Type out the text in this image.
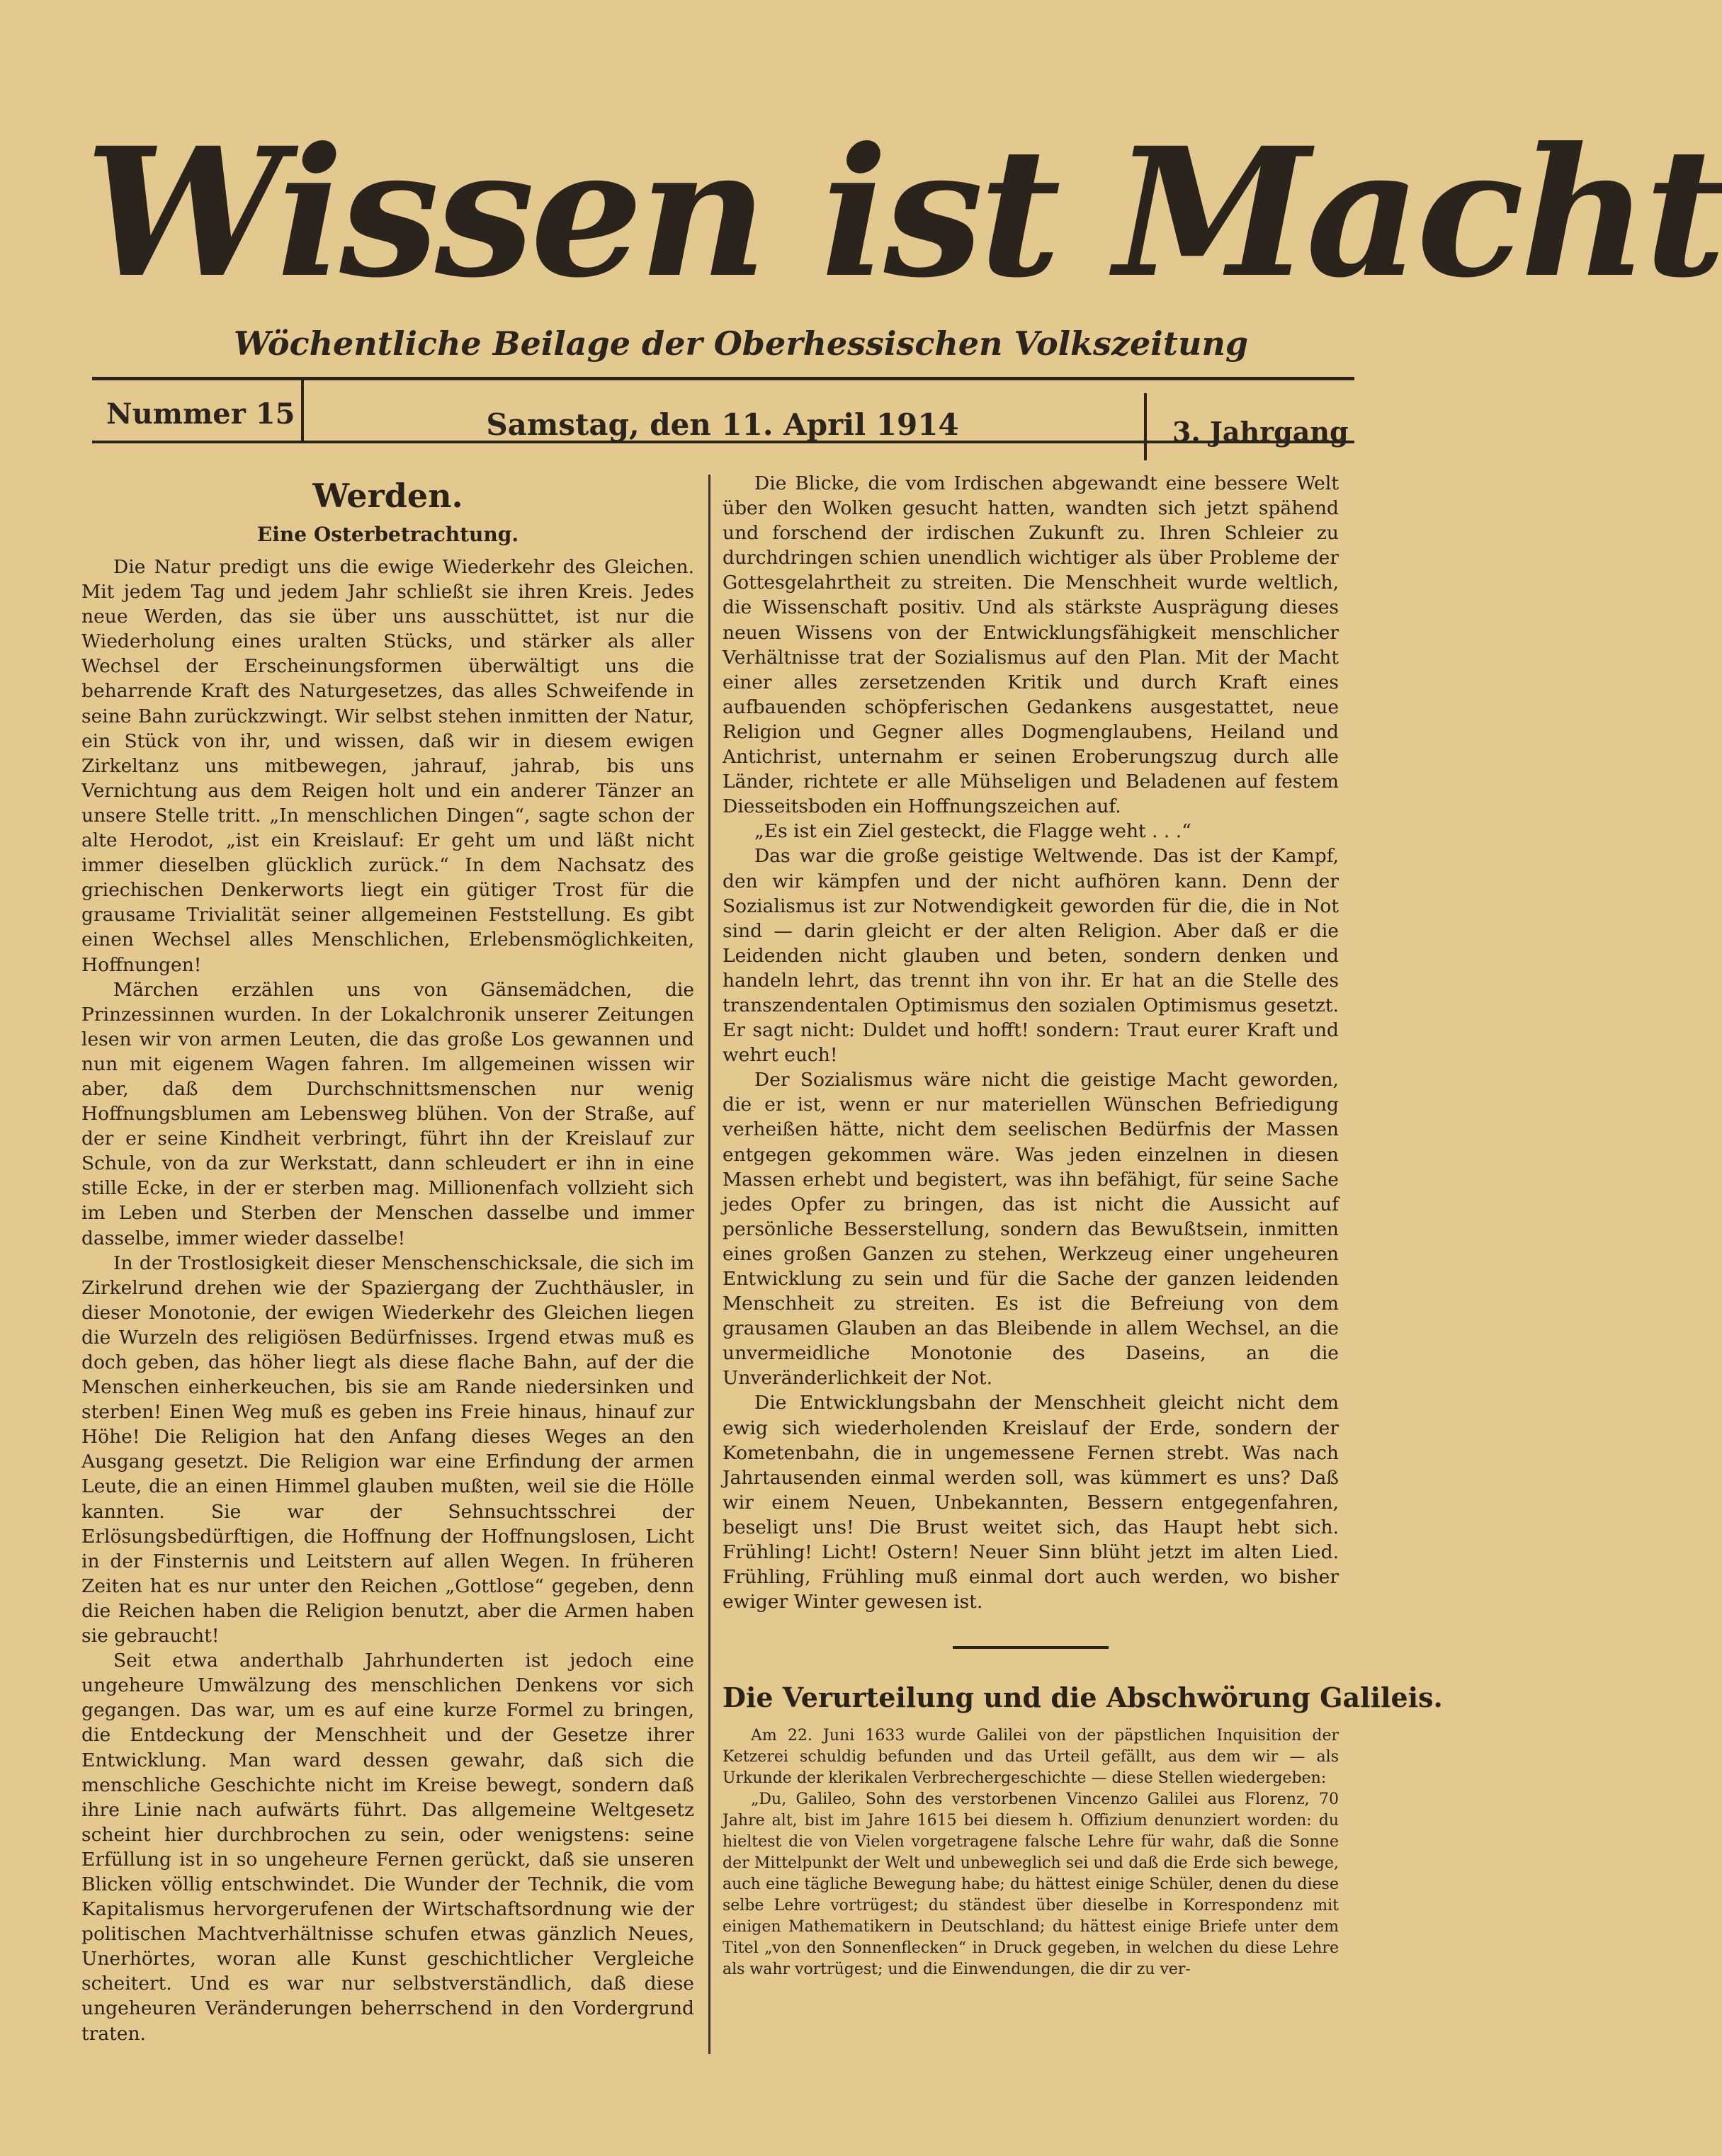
Wissen ist Macht
Wöchentliche Beilage der Oberhessischen Volkszeitung
Nummer 15	Samstag, den 11. April 1914	3. Jahrgang
Werden.
Eine Osterbetrachtung.

Die Natur predigt uns die ewige Wiederkehr des Gleichen. Mit jedem Tag und jedem Jahr schließt sie ihren Kreis. Jedes neue Werden, das sie über uns ausschüttet, ist nur die Wiederholung eines uralten Stücks, und stärker als aller Wechsel der Erscheinungsformen überwältigt uns die beharrende Kraft des Naturgesetzes, das alles Schweifende in seine Bahn zurückzwingt. Wir selbst stehen inmitten der Natur, ein Stück von ihr, und wissen, daß wir in diesem ewigen Zirkeltanz uns mitbewegen, jahrauf, jahrab, bis uns Vernichtung aus dem Reigen holt und ein anderer Tänzer an unsere Stelle tritt. „In menschlichen Dingen“, sagte schon der alte Herodot, „ist ein Kreislauf: Er geht um und läßt nicht immer dieselben glücklich zurück.“ In dem Nachsatz des griechischen Denkerworts liegt ein gütiger Trost für die grausame Trivialität seiner allgemeinen Feststellung. Es gibt einen Wechsel alles Menschlichen, Erlebensmöglichkeiten, Hoffnungen!

Märchen erzählen uns von Gänsemädchen, die Prinzessinnen wurden. In der Lokalchronik unserer Zeitungen lesen wir von armen Leuten, die das große Los gewannen und nun mit eigenem Wagen fahren. Im allgemeinen wissen wir aber, daß dem Durchschnittsmenschen nur wenig Hoffnungsblumen am Lebensweg blühen. Von der Straße, auf der er seine Kindheit verbringt, führt ihn der Kreislauf zur Schule, von da zur Werkstatt, dann schleudert er ihn in eine stille Ecke, in der er sterben mag. Millionenfach vollzieht sich im Leben und Sterben der Menschen dasselbe und immer dasselbe, immer wieder dasselbe!

In der Trostlosigkeit dieser Menschenschicksale, die sich im Zirkelrund drehen wie der Spaziergang der Zuchthäusler, in dieser Monotonie, der ewigen Wiederkehr des Gleichen liegen die Wurzeln des religiösen Bedürfnisses. Irgend etwas muß es doch geben, das höher liegt als diese flache Bahn, auf der die Menschen einherkeuchen, bis sie am Rande niedersinken und sterben! Einen Weg muß es geben ins Freie hinaus, hinauf zur Höhe! Die Religion hat den Anfang dieses Weges an den Ausgang gesetzt. Die Religion war eine Erfindung der armen Leute, die an einen Himmel glauben mußten, weil sie die Hölle kannten. Sie war der Sehnsuchtsschrei der Erlösungsbedürftigen, die Hoffnung der Hoffnungslosen, Licht in der Finsternis und Leitstern auf allen Wegen. In früheren Zeiten hat es nur unter den Reichen „Gottlose“ gegeben, denn die Reichen haben die Religion benutzt, aber die Armen haben sie gebraucht!

Seit etwa anderthalb Jahrhunderten ist jedoch eine ungeheure Umwälzung des menschlichen Denkens vor sich gegangen. Das war, um es auf eine kurze Formel zu bringen, die Entdeckung der Menschheit und der Gesetze ihrer Entwicklung. Man ward dessen gewahr, daß sich die menschliche Geschichte nicht im Kreise bewegt, sondern daß ihre Linie nach aufwärts führt. Das allgemeine Weltgesetz scheint hier durchbrochen zu sein, oder wenigstens: seine Erfüllung ist in so ungeheure Fernen gerückt, daß sie unseren Blicken völlig entschwindet. Die Wunder der Technik, die vom Kapitalismus hervorgerufenen der Wirtschaftsordnung wie der politischen Machtverhältnisse schufen etwas gänzlich Neues, Unerhörtes, woran alle Kunst geschichtlicher Vergleiche scheitert. Und es war nur selbstverständlich, daß diese ungeheuren Veränderungen beherrschend in den Vordergrund traten.

Die Blicke, die vom Irdischen abgewandt eine bessere Welt über den Wolken gesucht hatten, wandten sich jetzt spähend und forschend der irdischen Zukunft zu. Ihren Schleier zu durchdringen schien unendlich wichtiger als über Probleme der Gottesgelahrtheit zu streiten. Die Menschheit wurde weltlich, die Wissenschaft positiv. Und als stärkste Ausprägung dieses neuen Wissens von der Entwicklungsfähigkeit menschlicher Verhältnisse trat der Sozialismus auf den Plan. Mit der Macht einer alles zersetzenden Kritik und durch Kraft eines aufbauenden schöpferischen Gedankens ausgestattet, neue Religion und Gegner alles Dogmenglaubens, Heiland und Antichrist, unternahm er seinen Eroberungszug durch alle Länder, richtete er alle Mühseligen und Beladenen auf festem Diesseitsboden ein Hoffnungszeichen auf.

„Es ist ein Ziel gesteckt, die Flagge weht . . .“

Das war die große geistige Weltwende. Das ist der Kampf, den wir kämpfen und der nicht aufhören kann. Denn der Sozialismus ist zur Notwendigkeit geworden für die, die in Not sind — darin gleicht er der alten Religion. Aber daß er die Leidenden nicht glauben und beten, sondern denken und handeln lehrt, das trennt ihn von ihr. Er hat an die Stelle des transzendentalen Optimismus den sozialen Optimismus gesetzt. Er sagt nicht: Duldet und hofft! sondern: Traut eurer Kraft und wehrt euch!

Der Sozialismus wäre nicht die geistige Macht geworden, die er ist, wenn er nur materiellen Wünschen Befriedigung verheißen hätte, nicht dem seelischen Bedürfnis der Massen entgegen gekommen wäre. Was jeden einzelnen in diesen Massen erhebt und begistert, was ihn befähigt, für seine Sache jedes Opfer zu bringen, das ist nicht die Aussicht auf persönliche Besserstellung, sondern das Bewußtsein, inmitten eines großen Ganzen zu stehen, Werkzeug einer ungeheuren Entwicklung zu sein und für die Sache der ganzen leidenden Menschheit zu streiten. Es ist die Befreiung von dem grausamen Glauben an das Bleibende in allem Wechsel, an die unvermeidliche Monotonie des Daseins, an die Unveränderlichkeit der Not.

Die Entwicklungsbahn der Menschheit gleicht nicht dem ewig sich wiederholenden Kreislauf der Erde, sondern der Kometenbahn, die in ungemessene Fernen strebt. Was nach Jahrtausenden einmal werden soll, was kümmert es uns? Daß wir einem Neuen, Unbekannten, Bessern entgegenfahren, beseligt uns! Die Brust weitet sich, das Haupt hebt sich. Frühling! Licht! Ostern! Neuer Sinn blüht jetzt im alten Lied. Frühling, Frühling muß einmal dort auch werden, wo bisher ewiger Winter gewesen ist.

Die Verurteilung und die Abschwörung Galileis.

Am 22. Juni 1633 wurde Galilei von der päpstlichen Inquisition der Ketzerei schuldig befunden und das Urteil gefällt, aus dem wir — als Urkunde der klerikalen Verbrechergeschichte — diese Stellen wiedergeben:

„Du, Galileo, Sohn des verstorbenen Vincenzo Galilei aus Florenz, 70 Jahre alt, bist im Jahre 1615 bei diesem h. Offizium denunziert worden: du hieltest die von Vielen vorgetragene falsche Lehre für wahr, daß die Sonne der Mittelpunkt der Welt und unbeweglich sei und daß die Erde sich bewege, auch eine tägliche Bewegung habe; du hättest einige Schüler, denen du diese selbe Lehre vortrügest; du ständest über dieselbe in Korrespondenz mit einigen Mathematikern in Deutschland; du hättest einige Briefe unter dem Titel „von den Sonnenflecken“ in Druck gegeben, in welchen du diese Lehre als wahr vortrügest; und die Einwendungen, die dir zu ver-
